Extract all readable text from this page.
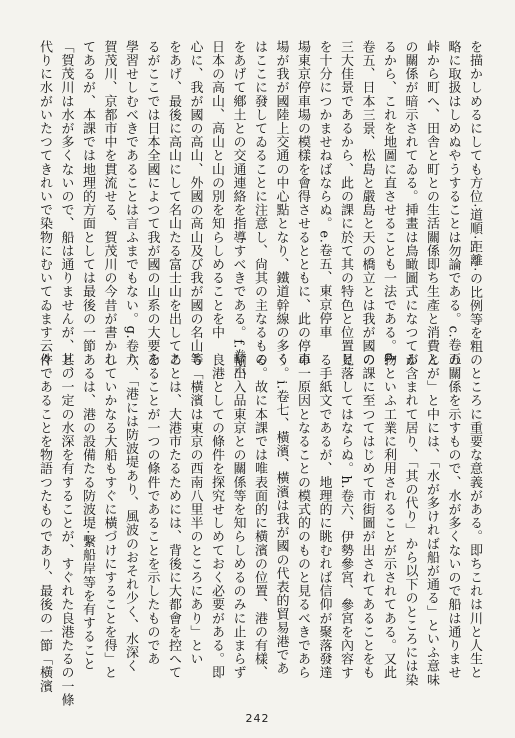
を描かしめるにしても方位·道順·距離·の比例等を粗

略に取扱はしめぬやうすることは勿論である。c.卷五

峠から町へ、田舎と町との生活關係即ち生產と消費と

の關係が暗示されてゐる。挿畫は鳥瞰圖式になつてゐ

るから、これを地圖に直させることも一法である。d.

卷五、日本三景、松島と嚴島と天の橋立とは我が國の

三大佳景であるから、此の課に於て其の特色と位置と

を十分につかませねばならぬ。e.卷五、東京停車

場東京停車場の模樣を會得させるとともに、此の停車

場が我が國陸上交通の中心點となり、鐵道幹線の多く

はここに發してゐることに注意し、尙其の主なるもの

をあげて鄕土との交通連絡を指導すべきである。f.卷六

日本の高山、高山と山の別を知らしめることを中

心に、我が國の高山、外國の高山及び我が國の名山等

をあげ、最後に高山にして名山たる富士山を出してあ

るがここでは日本全國によつて我が國の山系の大要を

學習せしむべきであることは言ふまでもない。g.卷六

賀茂川、京都市中を貫流せる、賀茂川の今昔が書かれ

てあるが、本課では地理的方面としては最後の一節

「賀茂川は水が多くないので、船は通りませんが、其の

代りに水がいたつてきれいで染物にむいてゐます云々

のところに重要な意義がある。即ちこれは川と人生と

の關係を示すもので、水が多くないので船は通りませ

んが」と中には、「水が多ければ船が通る」といふ意味

が含まれて居り、「其の代り」から以下のところには染

物といふ工業に利用されることが示されてある。又此

の課に至つてはじめて市街圖が出されてあることをも

見落してはならぬ。h.卷六、伊勢參宮、參宮を內容す

る手紙文であるが、地理的に眺むれば信仰が聚落發達

の一原因となることの模式的のものと見るべきであら

う。i.卷七、橫濱、橫濱は我が國の代表的貿易港であ

る。故に本課では唯表面的に橫濱の位置、港の有樣、

輸出入品東京との關係等を知らしめるのみに止まらず

良港としての條件を探究せしめておく必要がある。即

ち「橫濱は東京の西南八里半のところにあり」とい

ことは、大港市たるためには、背後に大都會を控へて

ゐることが一つの條件であることを示したものであ

り、「港には防波堤あり、風波のおそれ少く、水深く

していかなる大船もすぐに橫づけにすることを得」と

あるは、港の設備たる防波堤·繫船岸等を有すること

と、一定の水深を有することが、すぐれた良港たるの一條

件であることを物語つたものであり、最後の一節「橫濱

242
